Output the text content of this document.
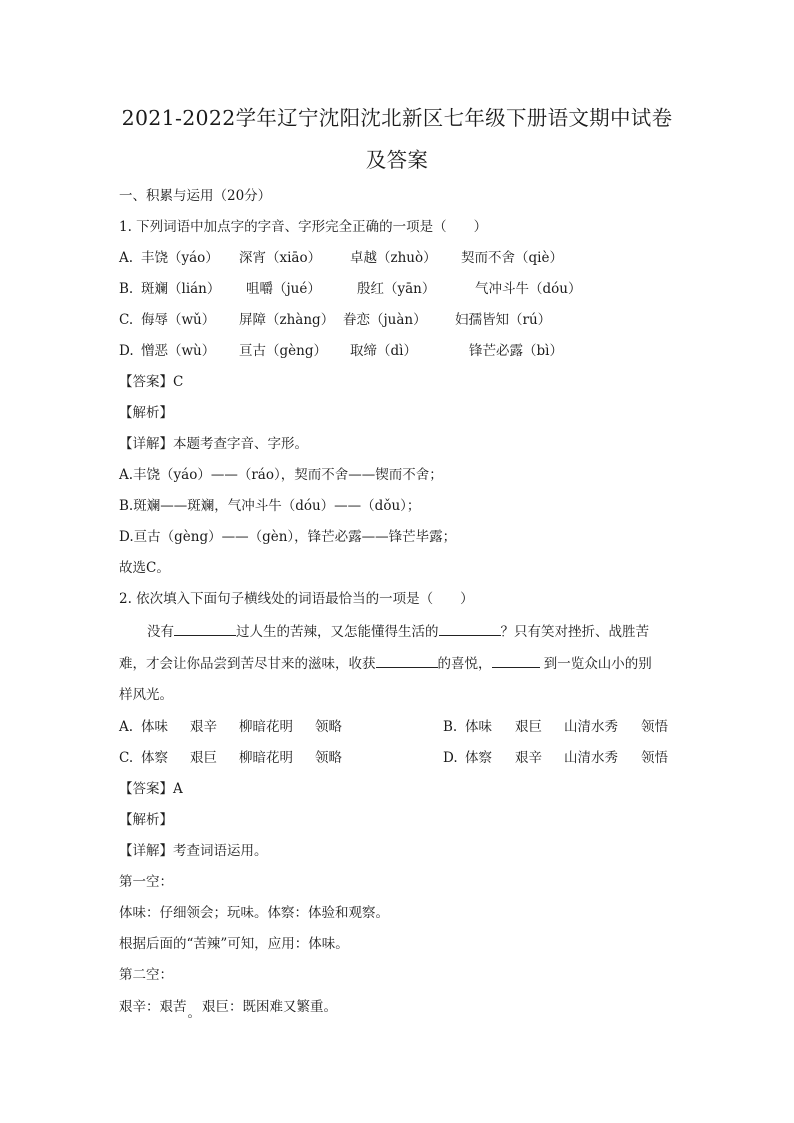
2021-2022学年辽宁沈阳沈北新区七年级下册语文期中试卷
及答案
一、积累与运用（20分）
1. 下列词语中加点字的字音、字形完全正确的一项是（　　）
A. 丰饶（yáo） 深宵（xiāo） 卓越（zhuò） 契而不舍（qiè）
B. 斑斓（lián） 咀嚼（jué）	殷红（yān）	气冲斗牛（dóu）
C. 侮辱（wǔ） 屏障（zhàng） 眷恋（juàn） 妇孺皆知（rú）
D. 憎恶（wù） 亘古（gèng） 取缔（dì）	锋芒必露（bì）
【答案】C
【解析】
【详解】本题考查字音、字形。
A.丰饶（yáo）——（ráo），契而不舍——锲而不舍；
B.斑斓——斑斓，气冲斗牛（dóu）——（dǒu）；
D.亘古（gèng）——（gèn），锋芒必露——锋芒毕露；
故选C。
2. 依次填入下面句子横线处的词语最恰当的一项是（　　）
没有	过人生的苦辣，又怎能懂得生活的	？只有笑对挫折、战胜苦
难，才会让你品尝到苦尽甘来的滋味，收获	的喜悦，	到一览众山小的别
样风光。
A. 体味 艰辛 柳暗花明 领略	B. 体味 艰巨 山清水秀 领悟
C. 体察 艰巨 柳暗花明 领略	D. 体察 艰辛 山清水秀 领悟
【答案】A
【解析】
【详解】考查词语运用。
第一空：
体味：仔细领会；玩味。体察：体验和观察。
根据后面的“苦辣”可知，应用：体味。
第二空：
艰辛：艰苦。艰巨：既困难又繁重。
